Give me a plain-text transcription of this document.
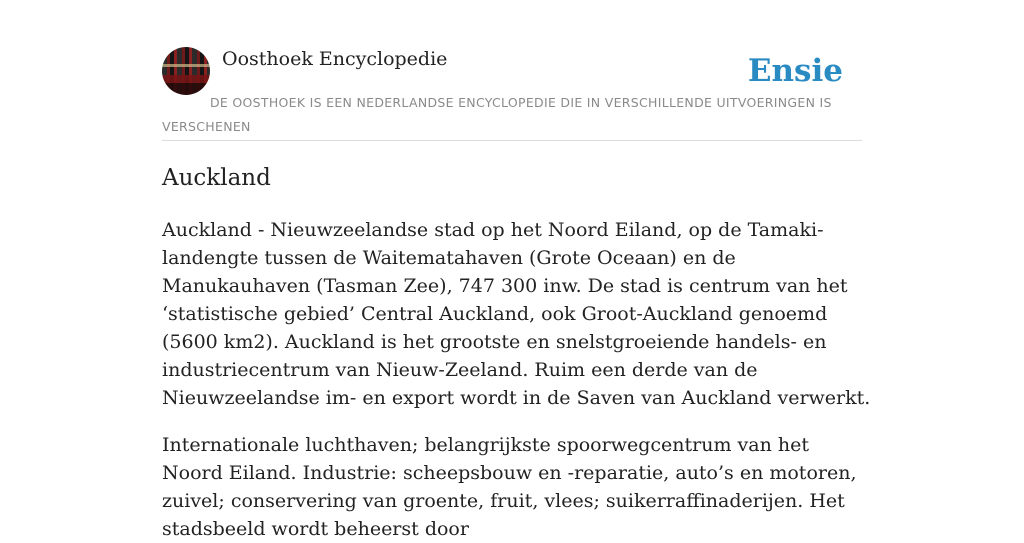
Oosthoek Encyclopedie	Ensie
DE OOSTHOEK IS EEN NEDERLANDSE ENCYCLOPEDIE DIE IN VERSCHILLENDE UITVOERINGEN IS VERSCHENEN
Auckland

Auckland - Nieuwzeelandse stad op het Noord Eiland, op de Tamaki-landengte tussen de Waitematahaven (Grote Oceaan) en de Manukauhaven (Tasman Zee), 747 300 inw. De stad is centrum van het ‘statistische gebied’ Central Auckland, ook Groot-Auckland genoemd (5600 km2). Auckland is het grootste en snelstgroeiende handels- en industriecentrum van Nieuw-Zeeland. Ruim een derde van de Nieuwzeelandse im- en export wordt in de Saven van Auckland verwerkt.

Internationale luchthaven; belangrijkste spoorwegcentrum van het Noord Eiland. Industrie: scheepsbouw en -reparatie, auto’s en motoren, zuivel; conservering van groente, fruit, vlees; suikerraffinaderijen. Het stadsbeeld wordt beheerst door
